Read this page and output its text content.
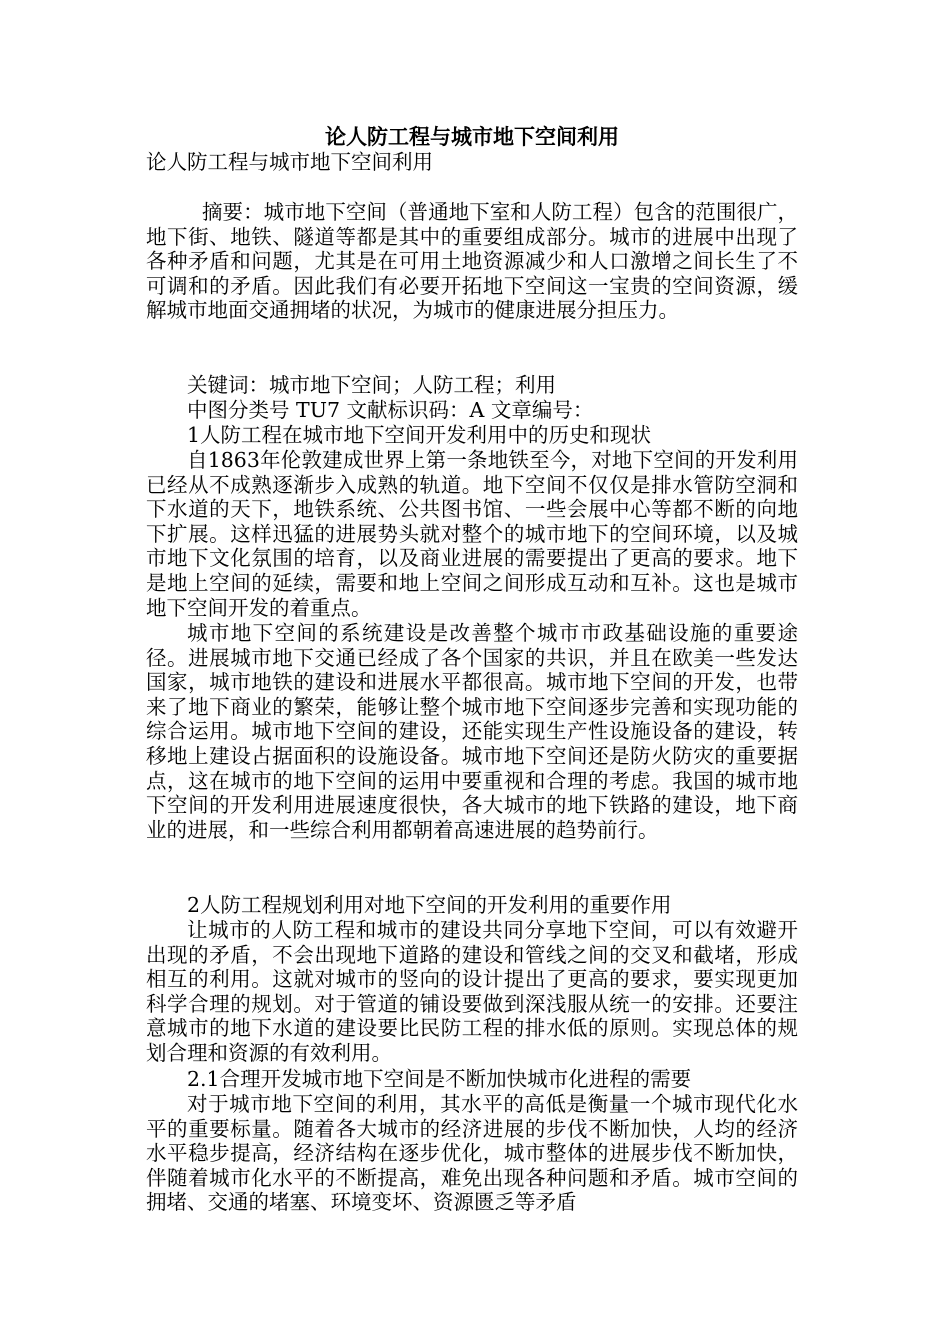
论人防工程与城市地下空间利用

论人防工程与城市地下空间利用

摘要：城市地下空间（普通地下室和人防工程）包含的范围很广，地下街、地铁、隧道等都是其中的重要组成部分。城市的进展中出现了各种矛盾和问题，尤其是在可用土地资源减少和人口激增之间长生了不可调和的矛盾。因此我们有必要开拓地下空间这一宝贵的空间资源，缓解城市地面交通拥堵的状况，为城市的健康进展分担压力。

关键词：城市地下空间；人防工程；利用

中图分类号 TU7 文献标识码：A 文章编号：

1人防工程在城市地下空间开发利用中的历史和现状

自1863年伦敦建成世界上第一条地铁至今，对地下空间的开发利用已经从不成熟逐渐步入成熟的轨道。地下空间不仅仅是排水管防空洞和下水道的天下，地铁系统、公共图书馆、一些会展中心等都不断的向地下扩展。这样迅猛的进展势头就对整个的城市地下的空间环境，以及城市地下文化氛围的培育，以及商业进展的需要提出了更高的要求。地下是地上空间的延续，需要和地上空间之间形成互动和互补。这也是城市地下空间开发的着重点。

城市地下空间的系统建设是改善整个城市市政基础设施的重要途径。进展城市地下交通已经成了各个国家的共识，并且在欧美一些发达国家，城市地铁的建设和进展水平都很高。城市地下空间的开发，也带来了地下商业的繁荣，能够让整个城市地下空间逐步完善和实现功能的综合运用。城市地下空间的建设，还能实现生产性设施设备的建设，转移地上建设占据面积的设施设备。城市地下空间还是防火防灾的重要据点，这在城市的地下空间的运用中要重视和合理的考虑。我国的城市地下空间的开发利用进展速度很快，各大城市的地下铁路的建设，地下商业的进展，和一些综合利用都朝着高速进展的趋势前行。

2人防工程规划利用对地下空间的开发利用的重要作用

让城市的人防工程和城市的建设共同分享地下空间，可以有效避开出现的矛盾，不会出现地下道路的建设和管线之间的交叉和截堵，形成相互的利用。这就对城市的竖向的设计提出了更高的要求，要实现更加科学合理的规划。对于管道的铺设要做到深浅服从统一的安排。还要注意城市的地下水道的建设要比民防工程的排水低的原则。实现总体的规划合理和资源的有效利用。

2.1合理开发城市地下空间是不断加快城市化进程的需要

对于城市地下空间的利用，其水平的高低是衡量一个城市现代化水平的重要标量。随着各大城市的经济进展的步伐不断加快，人均的经济水平稳步提高，经济结构在逐步优化，城市整体的进展步伐不断加快，伴随着城市化水平的不断提高，难免出现各种问题和矛盾。城市空间的拥堵、交通的堵塞、环境变坏、资源匮乏等矛盾
